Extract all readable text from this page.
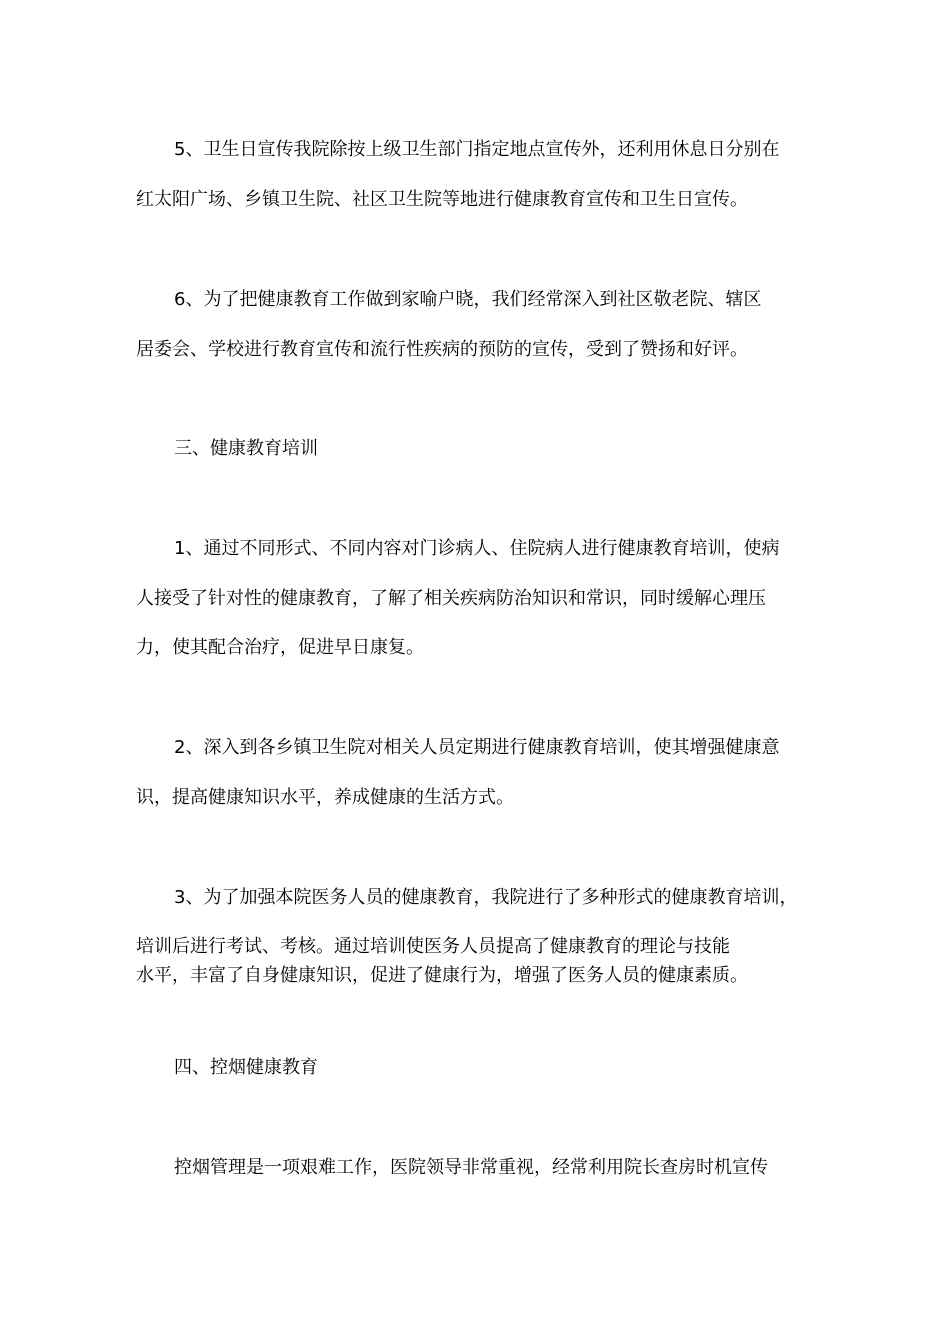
5、卫生日宣传我院除按上级卫生部门指定地点宣传外，还利用休息日分别在

红太阳广场、乡镇卫生院、社区卫生院等地进行健康教育宣传和卫生日宣传。

6、为了把健康教育工作做到家喻户晓，我们经常深入到社区敬老院、辖区

居委会、学校进行教育宣传和流行性疾病的预防的宣传，受到了赞扬和好评。

三、健康教育培训

1、通过不同形式、不同内容对门诊病人、住院病人进行健康教育培训，使病

人接受了针对性的健康教育，了解了相关疾病防治知识和常识，同时缓解心理压

力，使其配合治疗，促进早日康复。

2、深入到各乡镇卫生院对相关人员定期进行健康教育培训，使其增强健康意

识，提高健康知识水平，养成健康的生活方式。

3、为了加强本院医务人员的健康教育，我院进行了多种形式的健康教育培训，

培训后进行考试、考核。通过培训使医务人员提高了健康教育的理论与技能

水平，丰富了自身健康知识，促进了健康行为，增强了医务人员的健康素质。

四、控烟健康教育

控烟管理是一项艰难工作，医院领导非常重视，经常利用院长查房时机宣传
